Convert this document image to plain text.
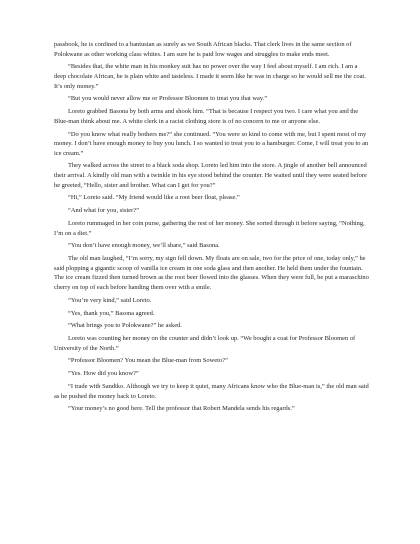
passbook, he is confined to a bantustan as surely as we South African blacks. That clerk lives in the same section of Polokwane as other working class whites. I am sure he is paid low wages and struggles to make ends meet.

“Besides that, the white man in his monkey suit has no power over the way I feel about myself. I am rich. I am a deep chocolate African, he is plain white and tasteless. I made it seem like he was in charge so he would sell me the coat. It’s only money.”

“But you would never allow me or Professor Bloomen to treat you that way.”

Loreto grabbed Basona by both arms and shook him. “That is because I respect you two. I care what you and the Blue-man think about me. A white clerk in a racist clothing store is of no concern to me or anyone else.

“Do you know what really bothers me?” she continued. “You were so kind to come with me, but I spent most of my money. I don’t have enough money to buy you lunch. I so wanted to treat you to a hamburger. Come, I will treat you to an ice cream.”

They walked across the street to a black soda shop. Loreto led him into the store. A jingle of another bell announced their arrival. A kindly old man with a twinkle in his eye stood behind the counter. He waited until they were seated before he greeted, “Hello, sister and brother. What can I get for you?”

“Hi,” Loreto said. “My friend would like a root beer float, please.”

“And what for you, sister?”

Loreto rummaged in her coin purse, gathering the rest of her money. She sorted through it before saying, “Nothing, I’m on a diet.”

“You don’t have enough money, we’ll share,” said Basona.

The old man laughed, “I’m sorry, my sign fell down. My floats are on sale, two for the price of one, today only,” he said plopping a gigantic scoop of vanilla ice cream in one soda glass and then another. He held them under the fountain. The ice cream fizzed then turned brown as the root beer flowed into the glasses. When they were full, he put a maraschino cherry on top of each before handing them over with a smile.

“You’re very kind,” said Loreto.

“Yes, thank you,” Basona agreed.

“What brings you to Polokwane?” he asked.

Loreto was counting her money on the counter and didn’t look up. “We bought a coat for Professor Bloomen of University of the North.”

“Professor Bloomen? You mean the Blue-man from Soweto?”

“Yes. How did you know?”

“I trade with Sandiko. Although we try to keep it quiet, many Africans know who the Blue-man is,” the old man said as he pushed the money back to Loreto.

“Your money’s no good here. Tell the professor that Robert Mandela sends his regards.”
